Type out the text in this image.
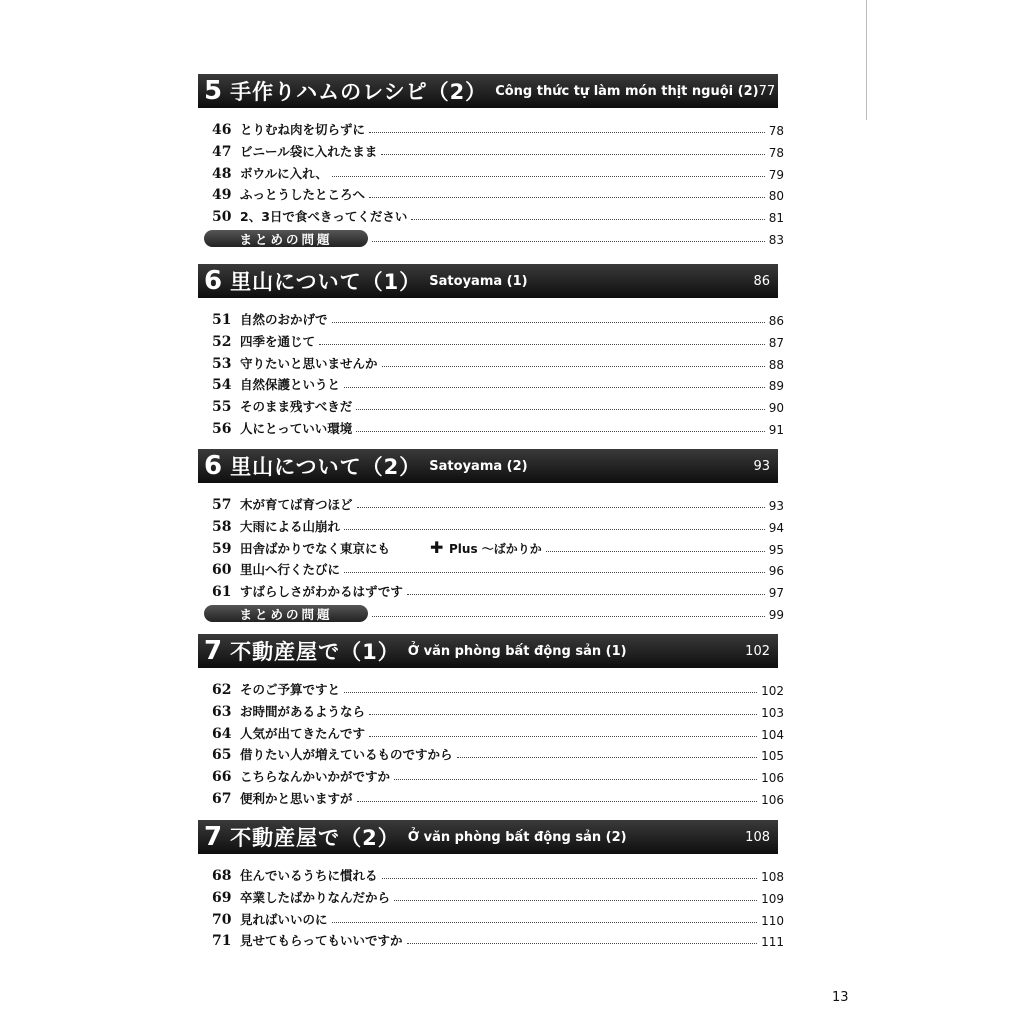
5 手作りハムのレシピ（2） Công thức tự làm món thịt nguội (2) 77
46 とりむね肉を切らずに	78
47 ビニール袋に入れたまま	78
48 ボウルに入れ、	79
49 ふっとうしたところへ	80
50 2、3日で食べきってください	81
まとめの問題	83
6 里山について（1） Satoyama (1)	86
51 自然のおかげで	86
52 四季を通じて	87
53 守りたいと思いませんか	88
54 自然保護というと	89
55 そのまま残すべきだ	90
56 人にとっていい環境	91
6 里山について（2） Satoyama (2)	93
57 木が育てば育つほど	93
58 大雨による山崩れ	94
59 田舎ばかりでなく東京にも	✚ Plus ～ばかりか	95
60 里山へ行くたびに	96
61 すばらしさがわかるはずです	97
まとめの問題	99
7 不動産屋で（1） Ở văn phòng bất động sản (1)	102
62 そのご予算ですと	102
63 お時間があるようなら	103
64 人気が出てきたんです	104
65 借りたい人が増えているものですから	105
66 こちらなんかいかがですか	106
67 便利かと思いますが	106
7 不動産屋で（2） Ở văn phòng bất động sản (2)	108
68 住んでいるうちに慣れる	108
69 卒業したばかりなんだから	109
70 見ればいいのに	110
71 見せてもらってもいいですか	111
13
